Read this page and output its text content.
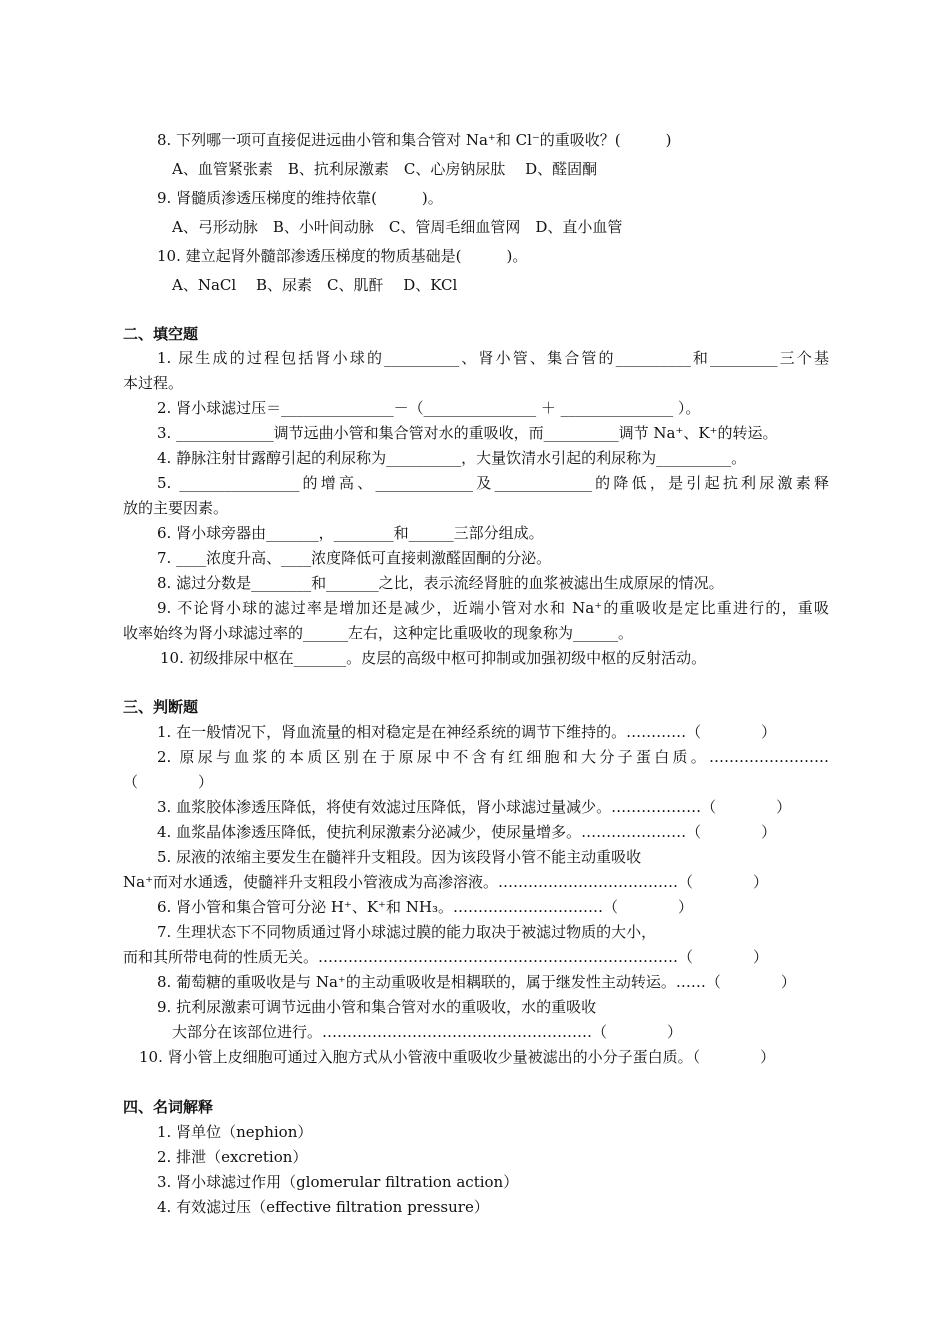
8. 下列哪一项可直接促进远曲小管和集合管对 Na⁺和 Cl⁻的重吸收？(　　　)
A、血管紧张素　B、抗利尿激素　C、心房钠尿肽　 D、醛固酮
9. 肾髓质渗透压梯度的维持依靠(　　　)。
A、弓形动脉　B、小叶间动脉　C、管周毛细血管网　D、直小血管
10. 建立起肾外髓部渗透压梯度的物质基础是(　　　)。
A、NaCl　 B、尿素　C、肌酐　 D、KCl
二、填空题
1. 尿生成的过程包括肾小球的__________、肾小管、集合管的__________和_________三个基
本过程。
2. 肾小球滤过压＝_______________－（_______________ ＋ _______________ ）。
3. _____________调节远曲小管和集合管对水的重吸收，而__________调节 Na⁺、K⁺的转运。
4. 静脉注射甘露醇引起的利尿称为__________，大量饮清水引起的利尿称为__________。
5. ________________的增高、_____________及_____________的降低，是引起抗利尿激素释
放的主要因素。
6. 肾小球旁器由_______，________和______三部分组成。
7. ____浓度升高、____浓度降低可直接刺激醛固酮的分泌。
8. 滤过分数是________和_______之比，表示流经肾脏的血浆被滤出生成原尿的情况。
9. 不论肾小球的滤过率是增加还是减少，近端小管对水和 Na⁺的重吸收是定比重进行的，重吸
收率始终为肾小球滤过率的______左右，这种定比重吸收的现象称为______。
10. 初级排尿中枢在_______。皮层的高级中枢可抑制或加强初级中枢的反射活动。
三、判断题
1. 在一般情况下，肾血流量的相对稳定是在神经系统的调节下维持的。…………（　　　　）
2. 原尿与血浆的本质区别在于原尿中不含有红细胞和大分子蛋白质。……………………
（　　　　）
3. 血浆胶体渗透压降低，将使有效滤过压降低，肾小球滤过量减少。………………（　　　　）
4. 血浆晶体渗透压降低，使抗利尿激素分泌减少，使尿量增多。…………………（　　　　）
5. 尿液的浓缩主要发生在髓袢升支粗段。因为该段肾小管不能主动重吸收
Na⁺而对水通透，使髓袢升支粗段小管液成为高渗溶液。………………………………（　　　　）
6. 肾小管和集合管可分泌 H⁺、K⁺和 NH₃。…………………………（　　　　）
7. 生理状态下不同物质通过肾小球滤过膜的能力取决于被滤过物质的大小，
而和其所带电荷的性质无关。………………………………………………………………（　　　　）
8. 葡萄糖的重吸收是与 Na⁺的主动重吸收是相耦联的，属于继发性主动转运。……（　　　　）
9. 抗利尿激素可调节远曲小管和集合管对水的重吸收，水的重吸收
大部分在该部位进行。………………………………………………（　　　　）
10. 肾小管上皮细胞可通过入胞方式从小管液中重吸收少量被滤出的小分子蛋白质。（　　　　）
四、名词解释
1. 肾单位（nephion）
2. 排泄（excretion）
3. 肾小球滤过作用（glomerular filtration action）
4. 有效滤过压（effective filtration pressure）
